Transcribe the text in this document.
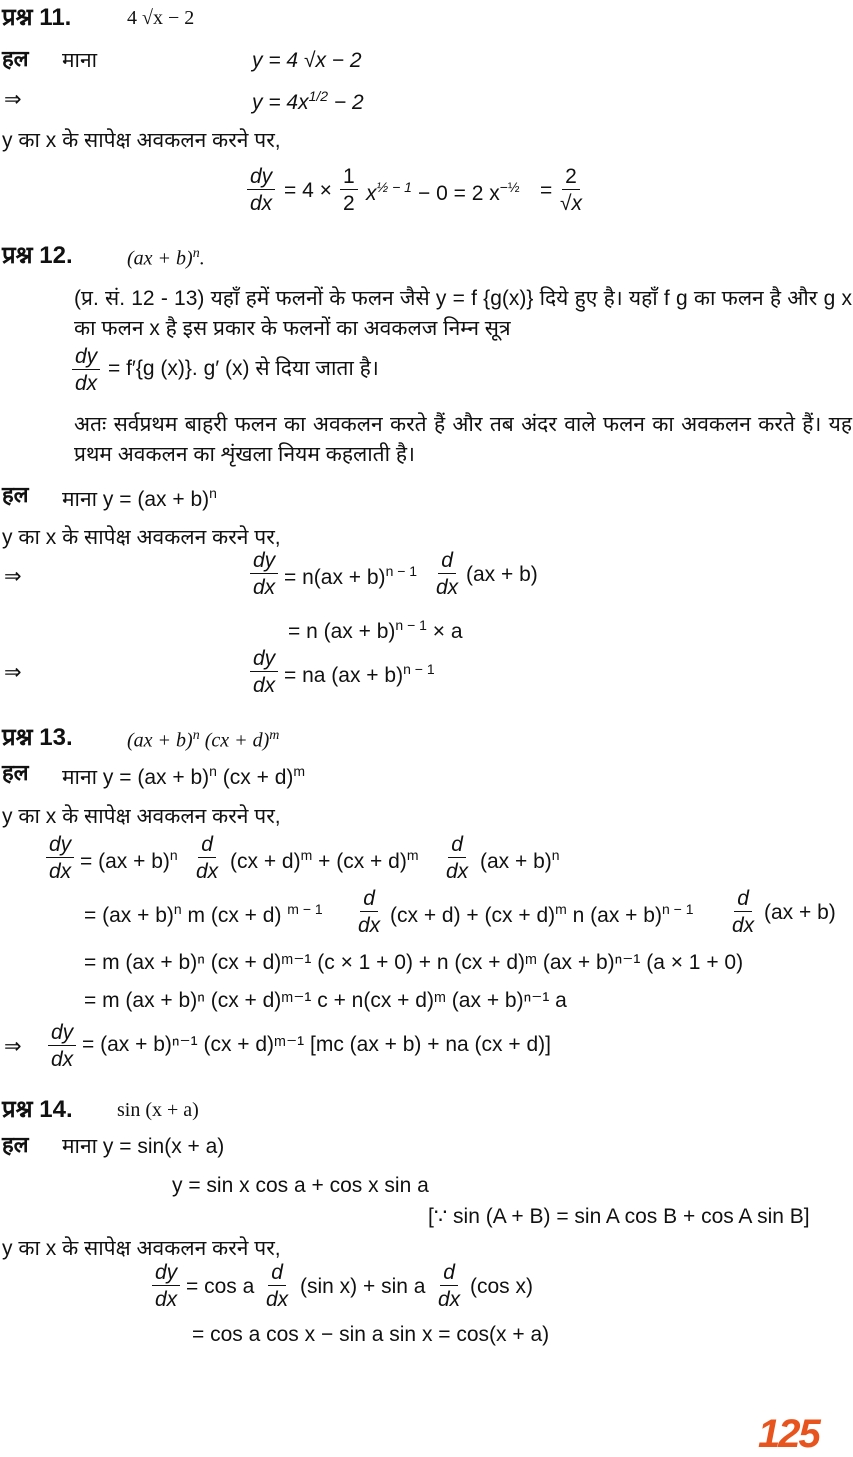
प्रश्न 11.	4 √x − 2
हल माना	y = 4 √x − 2
⇒	$y = 4x^{1/2} - 2$
y का x के सापेक्ष अवकलन करने पर,
$\frac{dy}{dx} = 4 \times \frac{1}{2} x^{\frac{1}{2} - 1} - 0 = 2$ $x^{-\frac{1}{2}} = \frac{2}{√x}$
प्रश्न 12.	(ax + b)$^n$.
(प्र. सं. 12 - 13) यहाँ हमें फलनों के फलन जैसे y = f {g(x)} दिये हुए है। यहाँ f g का फलन है और g x का फलन x है इस प्रकार के फलनों का अवकलज निम्न सूत्र
$\frac{dy}{dx} = f'\{g$ (x)}. g′ (x) से दिया जाता है।
अतः सर्वप्रथम बाहरी फलन का अवकलन करते हैं और तब अंदर वाले फलन का अवकलन करते हैं। यह प्रथम अवकलन का शृंखला नियम कहलाती है।
हल माना y = (ax + b)$^n$
y का x के सापेक्ष अवकलन करने पर,
⇒	$\frac{dy}{dx} = n(ax + b)^{n - 1} \frac{d}{dx} (ax + b)$
= n (ax + b)$^{n - 1}$ × a
⇒	$\frac{dy}{dx}$ = na (ax + b)$^{n - 1}$
प्रश्न 13.	(ax + b)$^n$ (cx + d)$^m$
हल माना y = (ax + b)$^n$ (cx + d)$^m$
y का x के सापेक्ष अवकलन करने पर,
$\frac{dy}{dx} = (ax + b)^n \frac{d}{dx} (cx + d)^m + (cx + d)^m \frac{d}{dx} (ax + b)^n$
= (ax + b)$^n$ m (cx + d) $^{m - 1} \frac{d}{dx} (cx + d) + (cx + d)^m$ n $(ax + b)^{n - 1} \frac{d}{dx} (ax + b)$
= m (ax + b)ⁿ (cx + d)ᵐ⁻¹ (c × 1 + 0) + n (cx + d)ᵐ (ax + b)ⁿ⁻¹ (a × 1 + 0)
= m (ax + b)ⁿ (cx + d)ᵐ⁻¹ c + n(cx + d)ᵐ (ax + b)ⁿ⁻¹ a
⇒ $\frac{dy}{dx} = (ax + b)^{n-1}$ (cx + d)ᵐ⁻¹ [mc (ax + b) + na (cx + d)]
प्रश्न 14. sin (x + a)
हल माना y = sin(x + a)
y = sin x cos a + cos x sin a
[∵ sin (A + B) = sin A cos B + cos A sin B]
y का x के सापेक्ष अवकलन करने पर,
$\frac{dy}{dx} = \cos a \frac{d}{dx} (\sin$ x) + sin a $\frac{d}{dx} (\cos$ x)
= cos a cos x − sin a sin x = cos(x + a)
125
